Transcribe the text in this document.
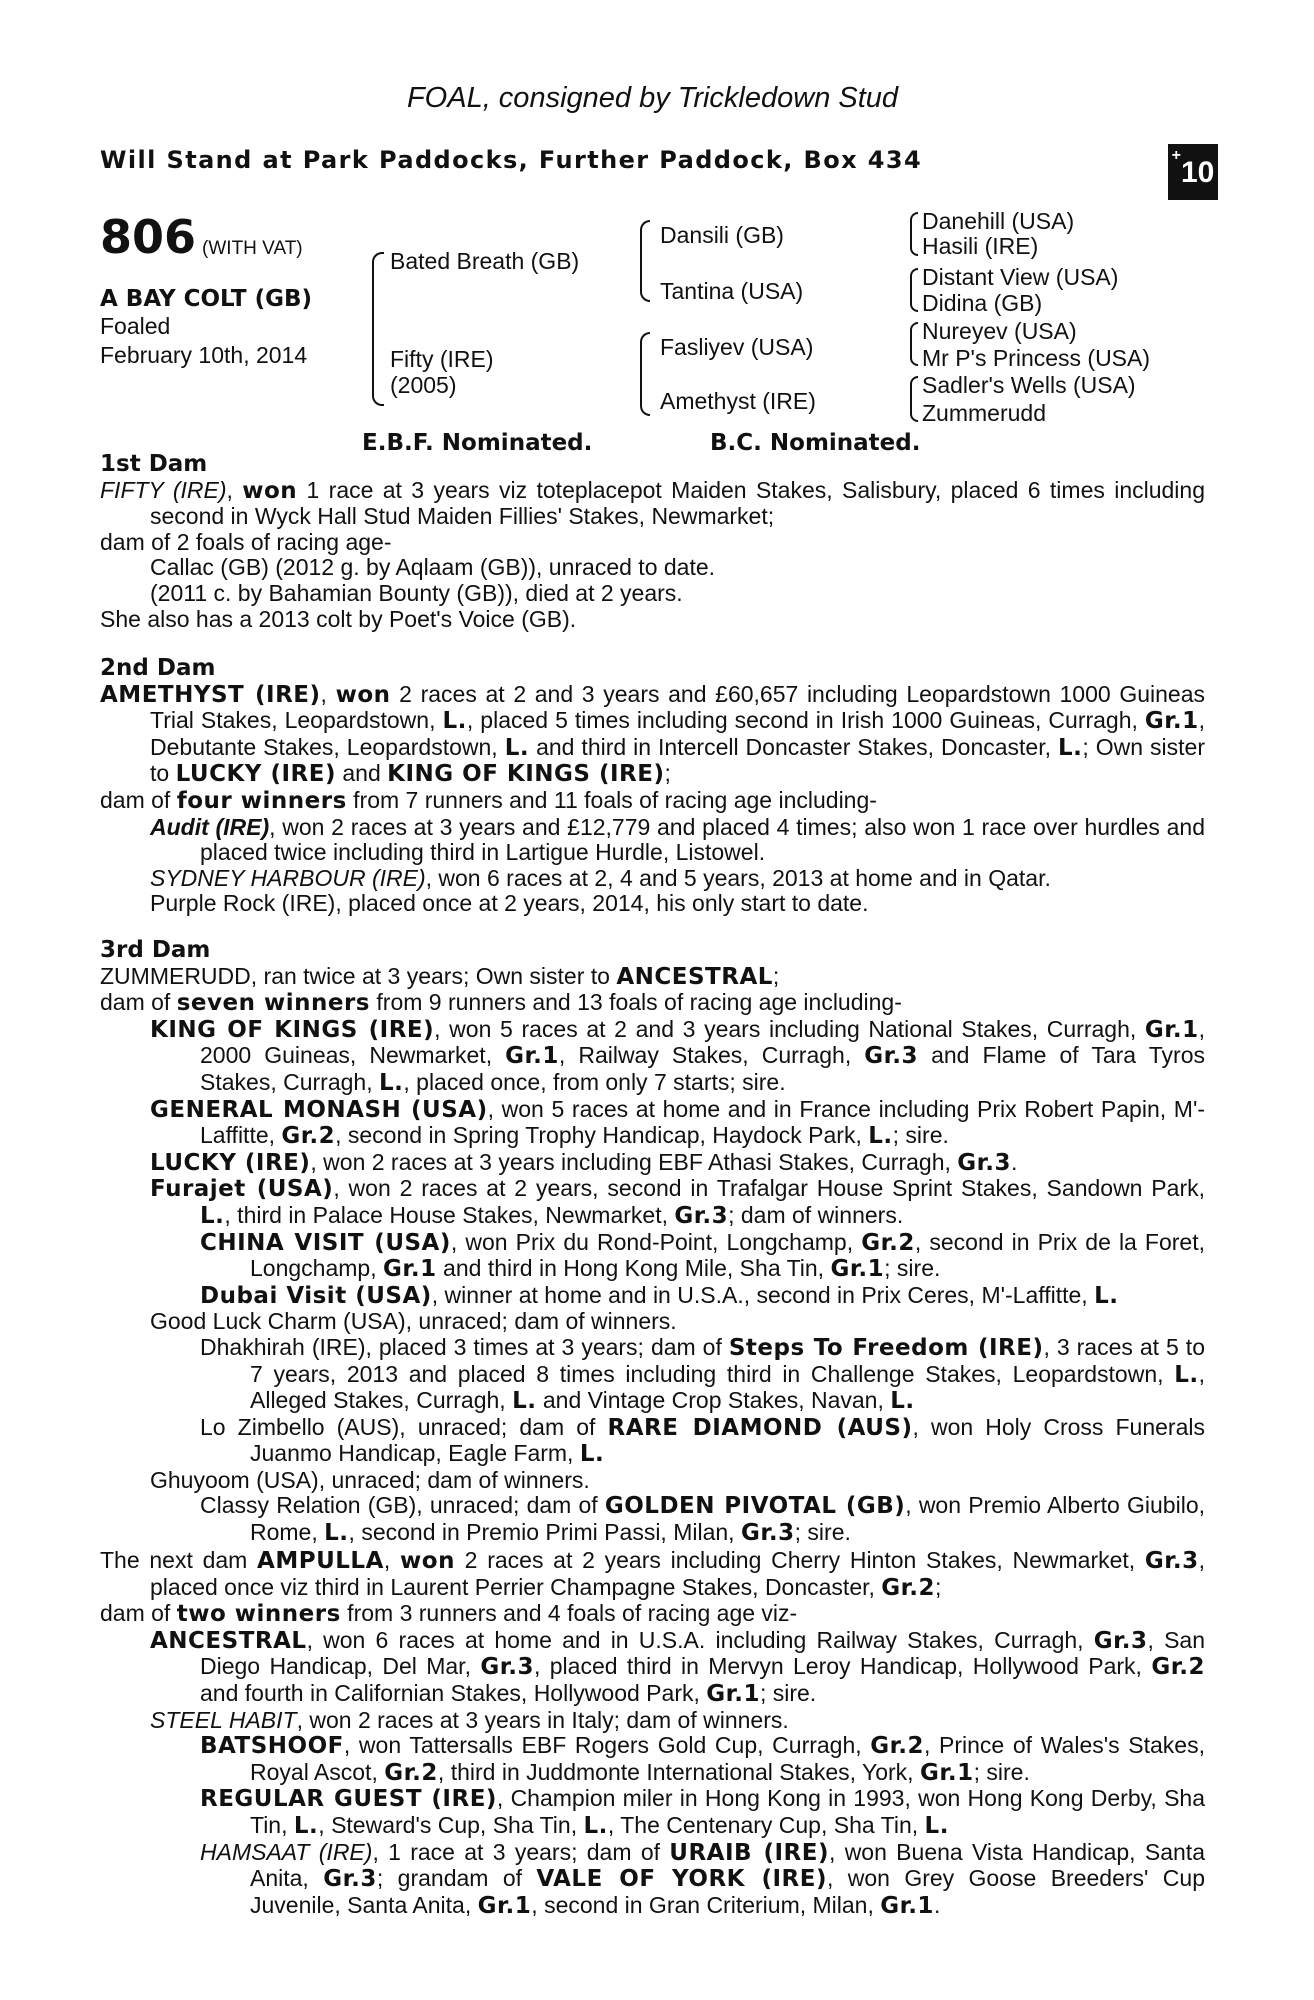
FOAL, consigned by Trickledown Stud
Will Stand at Park Paddocks, Further Paddock, Box 434	+10
806 (WITH VAT)
A BAY COLT (GB)
Foaled
February 10th, 2014
Bated Breath (GB)
Fifty (IRE)
(2005)
Dansili (GB)
Tantina (USA)
Fasliyev (USA)
Amethyst (IRE)
Danehill (USA)
Hasili (IRE)
Distant View (USA)
Didina (GB)
Nureyev (USA)
Mr P's Princess (USA)
Sadler's Wells (USA)
Zummerudd
E.B.F. Nominated.	B.C. Nominated.
1st Dam

FIFTY (IRE), won 1 race at 3 years viz toteplacepot Maiden Stakes, Salisbury, placed 6 times including second in Wyck Hall Stud Maiden Fillies' Stakes, Newmarket;

dam of 2 foals of racing age-

Callac (GB) (2012 g. by Aqlaam (GB)), unraced to date.

(2011 c. by Bahamian Bounty (GB)), died at 2 years.

She also has a 2013 colt by Poet's Voice (GB).

2nd Dam

AMETHYST (IRE), won 2 races at 2 and 3 years and £60,657 including Leopardstown 1000 Guineas Trial Stakes, Leopardstown, L., placed 5 times including second in Irish 1000 Guineas, Curragh, Gr.1, Debutante Stakes, Leopardstown, L. and third in Intercell Doncaster Stakes, Doncaster, L.; Own sister to LUCKY (IRE) and KING OF KINGS (IRE);

dam of four winners from 7 runners and 11 foals of racing age including-

Audit (IRE), won 2 races at 3 years and £12,779 and placed 4 times; also won 1 race over hurdles and placed twice including third in Lartigue Hurdle, Listowel.

SYDNEY HARBOUR (IRE), won 6 races at 2, 4 and 5 years, 2013 at home and in Qatar.

Purple Rock (IRE), placed once at 2 years, 2014, his only start to date.

3rd Dam

ZUMMERUDD, ran twice at 3 years; Own sister to ANCESTRAL;

dam of seven winners from 9 runners and 13 foals of racing age including-

KING OF KINGS (IRE), won 5 races at 2 and 3 years including National Stakes, Curragh, Gr.1, 2000 Guineas, Newmarket, Gr.1, Railway Stakes, Curragh, Gr.3 and Flame of Tara Tyros Stakes, Curragh, L., placed once, from only 7 starts; sire.

GENERAL MONASH (USA), won 5 races at home and in France including Prix Robert Papin, M'-Laffitte, Gr.2, second in Spring Trophy Handicap, Haydock Park, L.; sire.

LUCKY (IRE), won 2 races at 3 years including EBF Athasi Stakes, Curragh, Gr.3.

Furajet (USA), won 2 races at 2 years, second in Trafalgar House Sprint Stakes, Sandown Park, L., third in Palace House Stakes, Newmarket, Gr.3; dam of winners.

CHINA VISIT (USA), won Prix du Rond-Point, Longchamp, Gr.2, second in Prix de la Foret, Longchamp, Gr.1 and third in Hong Kong Mile, Sha Tin, Gr.1; sire.

Dubai Visit (USA), winner at home and in U.S.A., second in Prix Ceres, M'-Laffitte, L.

Good Luck Charm (USA), unraced; dam of winners.

Dhakhirah (IRE), placed 3 times at 3 years; dam of Steps To Freedom (IRE), 3 races at 5 to 7 years, 2013 and placed 8 times including third in Challenge Stakes, Leopardstown, L., Alleged Stakes, Curragh, L. and Vintage Crop Stakes, Navan, L.

Lo Zimbello (AUS), unraced; dam of RARE DIAMOND (AUS), won Holy Cross Funerals Juanmo Handicap, Eagle Farm, L.

Ghuyoom (USA), unraced; dam of winners.

Classy Relation (GB), unraced; dam of GOLDEN PIVOTAL (GB), won Premio Alberto Giubilo, Rome, L., second in Premio Primi Passi, Milan, Gr.3; sire.

The next dam AMPULLA, won 2 races at 2 years including Cherry Hinton Stakes, Newmarket, Gr.3, placed once viz third in Laurent Perrier Champagne Stakes, Doncaster, Gr.2;

dam of two winners from 3 runners and 4 foals of racing age viz-

ANCESTRAL, won 6 races at home and in U.S.A. including Railway Stakes, Curragh, Gr.3, San Diego Handicap, Del Mar, Gr.3, placed third in Mervyn Leroy Handicap, Hollywood Park, Gr.2 and fourth in Californian Stakes, Hollywood Park, Gr.1; sire.

STEEL HABIT, won 2 races at 3 years in Italy; dam of winners.

BATSHOOF, won Tattersalls EBF Rogers Gold Cup, Curragh, Gr.2, Prince of Wales's Stakes, Royal Ascot, Gr.2, third in Juddmonte International Stakes, York, Gr.1; sire.

REGULAR GUEST (IRE), Champion miler in Hong Kong in 1993, won Hong Kong Derby, Sha Tin, L., Steward's Cup, Sha Tin, L., The Centenary Cup, Sha Tin, L.

HAMSAAT (IRE), 1 race at 3 years; dam of URAIB (IRE), won Buena Vista Handicap, Santa Anita, Gr.3; grandam of VALE OF YORK (IRE), won Grey Goose Breeders' Cup Juvenile, Santa Anita, Gr.1, second in Gran Criterium, Milan, Gr.1.
